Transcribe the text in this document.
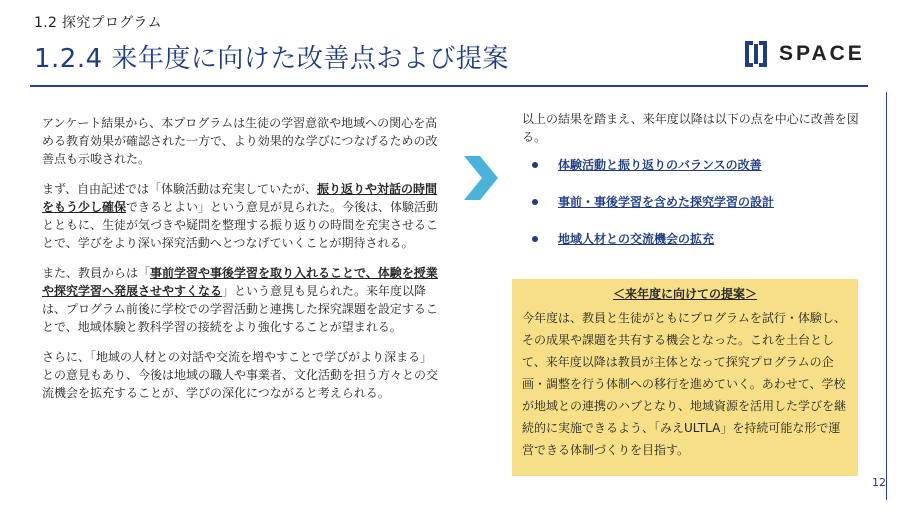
1.2 探究プログラム
1.2.4 来年度に向けた改善点および提案	SPACE

アンケート結果から、本プログラムは生徒の学習意欲や地域への関心を高める教育効果が確認された一方で、より効果的な学びにつなげるための改善点も示唆された。

まず、自由記述では「体験活動は充実していたが、振り返りや対話の時間をもう少し確保できるとよい」という意見が見られた。今後は、体験活動とともに、生徒が気づきや疑問を整理する振り返りの時間を充実させることで、学びをより深い探究活動へとつなげていくことが期待される。

また、教員からは「事前学習や事後学習を取り入れることで、体験を授業や探究学習へ発展させやすくなる」という意見も見られた。来年度以降は、プログラム前後に学校での学習活動と連携した探究課題を設定することで、地域体験と教科学習の接続をより強化することが望まれる。

さらに、「地域の人材との対話や交流を増やすことで学びがより深まる」との意見もあり、今後は地域の職人や事業者、文化活動を担う方々との交流機会を拡充することが、学びの深化につながると考えられる。

以上の結果を踏まえ、来年度以降は以下の点を中心に改善を図る。

体験活動と振り返りのバランスの改善
事前・事後学習を含めた探究学習の設計
地域人材との交流機会の拡充
＜来年度に向けての提案＞

今年度は、教員と生徒がともにプログラムを試行・体験し、その成果や課題を共有する機会となった。これを土台として、来年度以降は教員が主体となって探究プログラムの企画・調整を行う体制への移行を進めていく。あわせて、学校が地域との連携のハブとなり、地域資源を活用した学びを継続的に実施できるよう、「みえULTLA」を持続可能な形で運営できる体制づくりを目指す。

12
